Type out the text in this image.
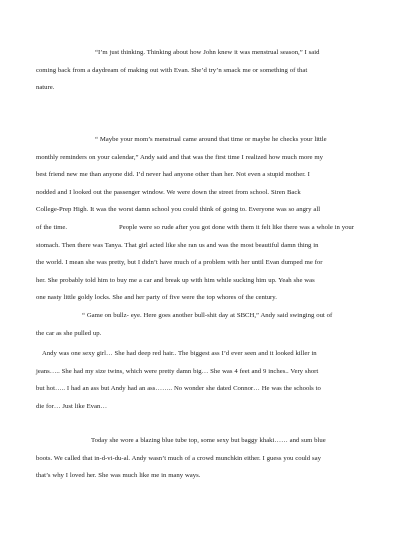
“I’m just thinking. Thinking about how John knew it was menstrual season,” I said
coming back from a daydream of making out with Evan. She’d try’n smack me or something of that
nature.
“ Maybe your mom’s menstrual came around that time or maybe he checks your little
monthly reminders on your calendar,” Andy said and that was the first time I realized how much more my
best friend new me than anyone did. I’d never had anyone other than her. Not even a stupid mother. I
nodded and I looked out the passenger window. We were down the street from school. Siren Back
College-Prep High. It was the worst damn school you could think of going to. Everyone was so angry all
of the time.	People were so rude after you got done with them it felt like there was a whole in your
stomach. Then there was Tanya. That girl acted like she ran us and was the most beautiful damn thing in
the world. I mean she was pretty, but I didn’t have much of a problem with her until Evan dumped me for
her. She probably told him to buy me a car and break up with him while sucking him up. Yeah she was
one nasty little goldy locks. She and her party of five were the top whores of the century.
“ Game on bullz- eye. Here goes another bull-shit day at SBCH,” Andy said swinging out of
the car as she pulled up.
Andy was one sexy girl… She had deep red hair.. The biggest ass I’d ever seen and it looked killer in
jeans….. She had my size twins, which were pretty damn big… She was 4 feet and 9 inches.. Very short
but hot….. I had an ass but Andy had an ass…….. No wonder she dated Connor… He was the schools to
die for… Just like Evan…
Today she wore a blazing blue tube top, some sexy but baggy khaki…… and sum blue
boots. We called that in-d-vi-du-al. Andy wasn’t much of a crowd munchkin either. I guess you could say
that’s why I loved her. She was much like me in many ways.
